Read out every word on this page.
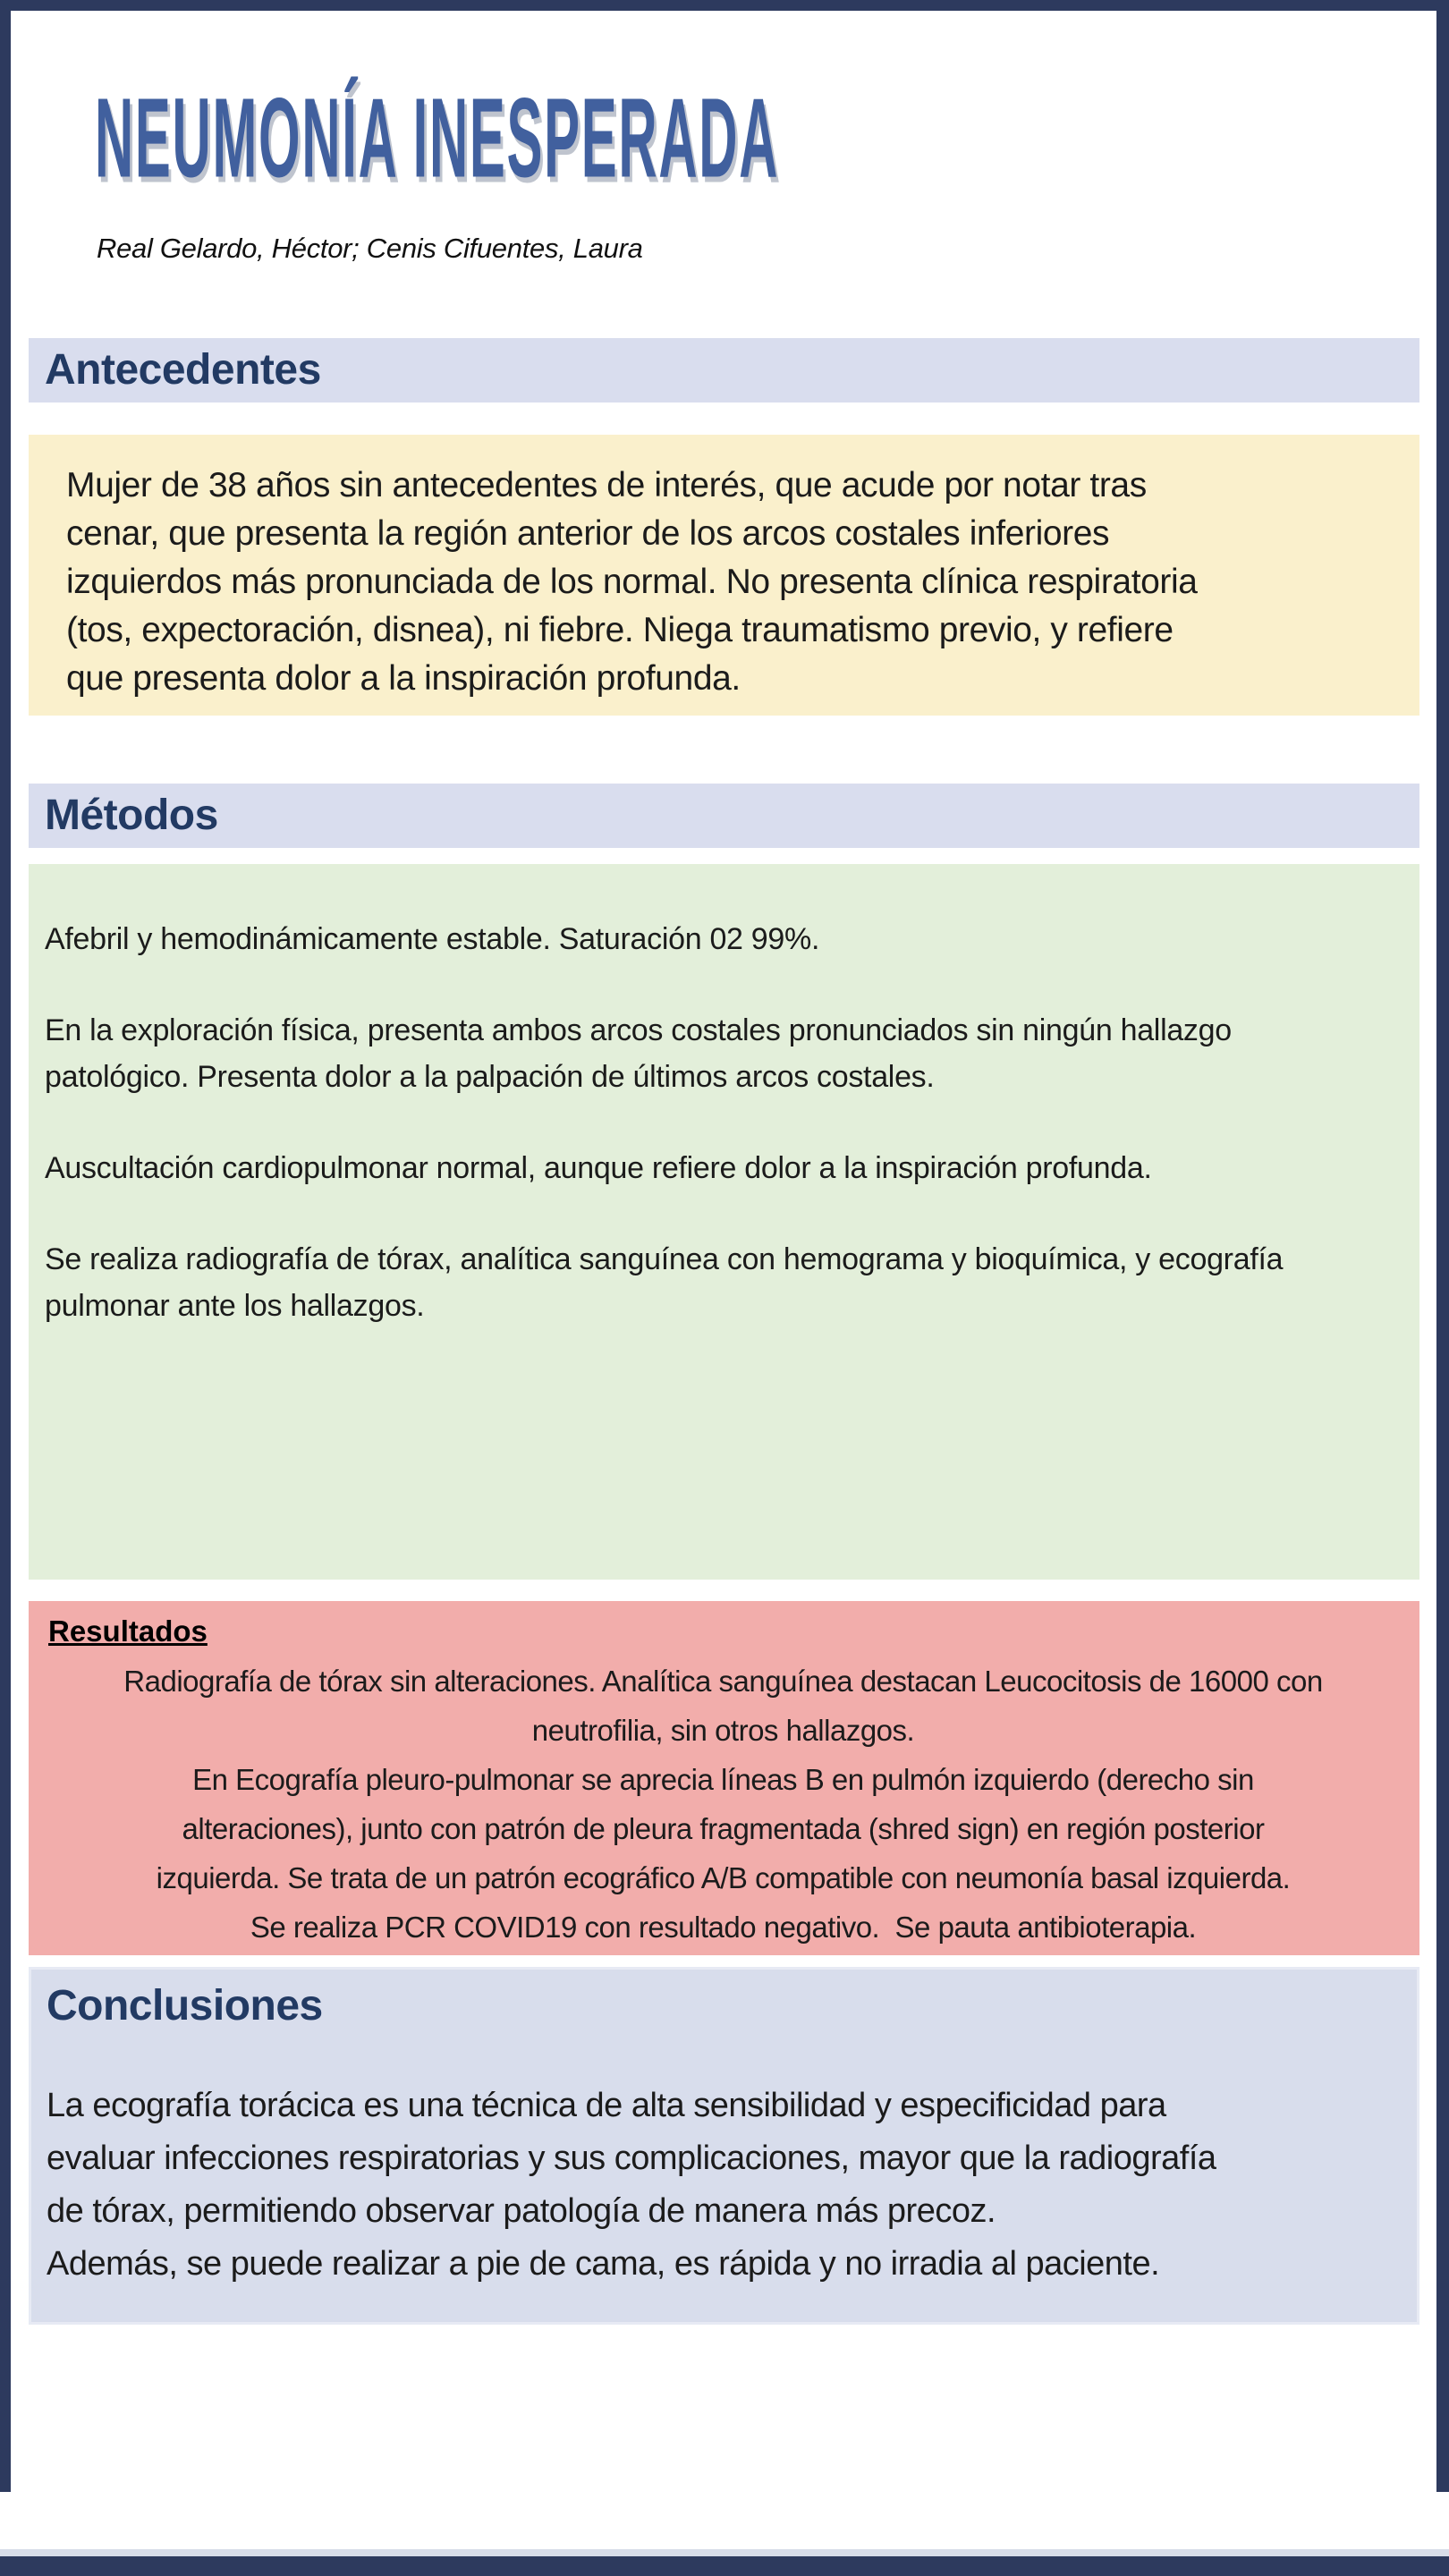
NEUMONÍA INESPERADA
Real Gelardo, Héctor; Cenis Cifuentes, Laura
Antecedentes

Mujer de 38 años sin antecedentes de interés, que acude por notar tras
cenar, que presenta la región anterior de los arcos costales inferiores
izquierdos más pronunciada de los normal. No presenta clínica respiratoria
(tos, expectoración, disnea), ni fiebre. Niega traumatismo previo, y refiere
que presenta dolor a la inspiración profunda.

Métodos

Afebril y hemodinámicamente estable. Saturación 02 99%.

En la exploración física, presenta ambos arcos costales pronunciados sin ningún hallazgo
patológico. Presenta dolor a la palpación de últimos arcos costales.

Auscultación cardiopulmonar normal, aunque refiere dolor a la inspiración profunda.

Se realiza radiografía de tórax, analítica sanguínea con hemograma y bioquímica, y ecografía
pulmonar ante los hallazgos.

Resultados

Radiografía de tórax sin alteraciones. Analítica sanguínea destacan Leucocitosis de 16000 con
neutrofilia, sin otros hallazgos.
En Ecografía pleuro-pulmonar se aprecia líneas B en pulmón izquierdo (derecho sin
alteraciones), junto con patrón de pleura fragmentada (shred sign) en región posterior
izquierda. Se trata de un patrón ecográfico A/B compatible con neumonía basal izquierda.
Se realiza PCR COVID19 con resultado negativo.  Se pauta antibioterapia.

Conclusiones

La ecografía torácica es una técnica de alta sensibilidad y especificidad para
evaluar infecciones respiratorias y sus complicaciones, mayor que la radiografía
de tórax, permitiendo observar patología de manera más precoz.
Además, se puede realizar a pie de cama, es rápida y no irradia al paciente.
